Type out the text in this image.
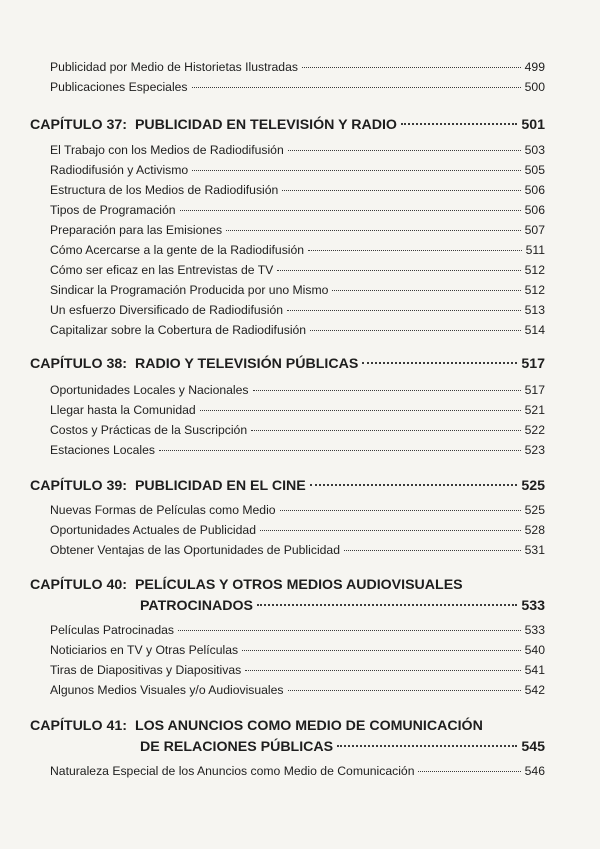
Publicidad por Medio de Historietas Ilustradas	499
Publicaciones Especiales	500
CAPÍTULO 37: PUBLICIDAD EN TELEVISIÓN Y RADIO	501
El Trabajo con los Medios de Radiodifusión	503
Radiodifusión y Activismo	505
Estructura de los Medios de Radiodifusión	506
Tipos de Programación	506
Preparación para las Emisiones	507
Cómo Acercarse a la gente de la Radiodifusión	511
Cómo ser eficaz en las Entrevistas de TV	512
Sindicar la Programación Producida por uno Mismo	512
Un esfuerzo Diversificado de Radiodifusión	513
Capitalizar sobre la Cobertura de Radiodifusión	514
CAPÍTULO 38: RADIO Y TELEVISIÓN PÚBLICAS	517
Oportunidades Locales y Nacionales	517
Llegar hasta la Comunidad	521
Costos y Prácticas de la Suscripción	522
Estaciones Locales	523
CAPÍTULO 39: PUBLICIDAD EN EL CINE	525
Nuevas Formas de Películas como Medio	525
Oportunidades Actuales de Publicidad	528
Obtener Ventajas de las Oportunidades de Publicidad	531
CAPÍTULO 40: PELÍCULAS Y OTROS MEDIOS AUDIOVISUALES
PATROCINADOS	533
Películas Patrocinadas	533
Noticiarios en TV y Otras Películas	540
Tiras de Diapositivas y Diapositivas	541
Algunos Medios Visuales y/o Audiovisuales	542
CAPÍTULO 41: LOS ANUNCIOS COMO MEDIO DE COMUNICACIÓN
DE RELACIONES PÚBLICAS	545
Naturaleza Especial de los Anuncios como Medio de Comunicación	546
